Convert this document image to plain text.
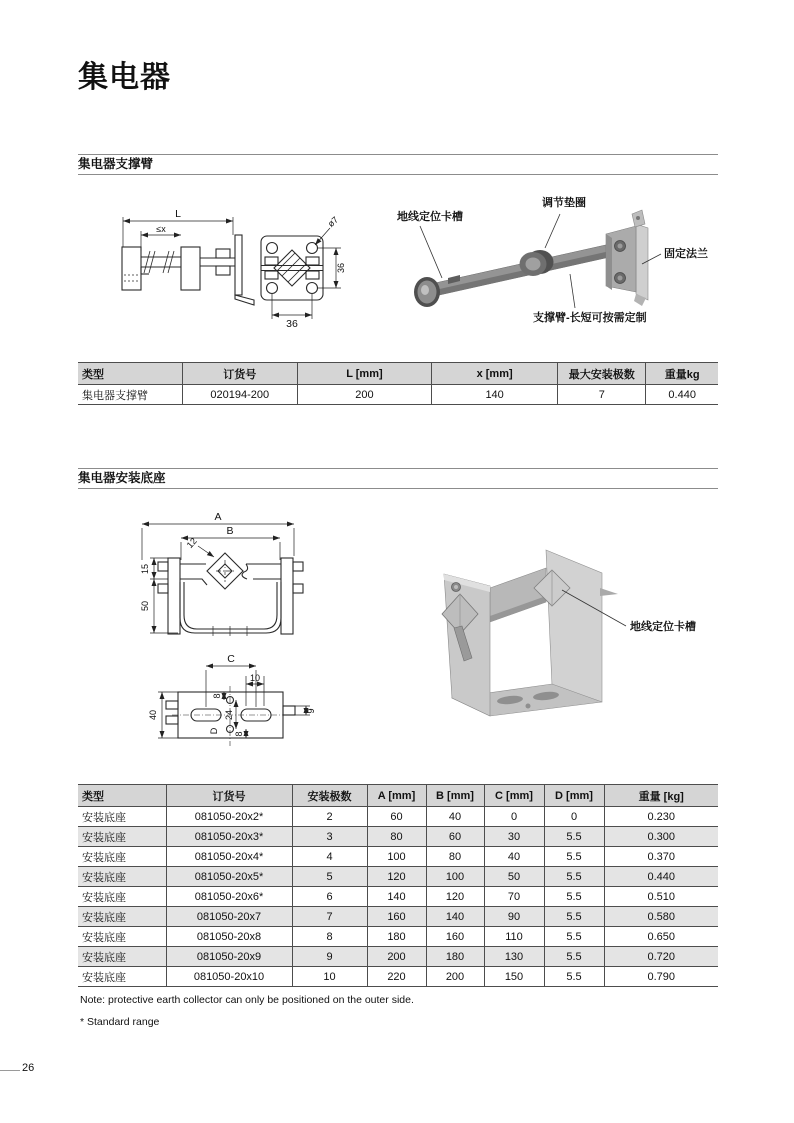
集电器
集电器支撑臂
L
≤x
36
36
ø7	地线定位卡槽
调节垫圈
固定法兰
支撑臂-长短可按需定制
类型	订货号	L [mm]	x [mm]	最大安装极数	重量kg
集电器支撑臂	020194-200	200	140	7	0.440
集电器安装底座
A
B
12
15
50
C
10
8
24
8
D
40	9
地线定位卡槽
类型	订货号	安装极数	A [mm]	B [mm]	C [mm]	D [mm]	重量 [kg]
安装底座	081050-20x2*	2	60	40	0	0	0.230
安装底座	081050-20x3*	3	80	60	30	5.5	0.300
安装底座	081050-20x4*	4	100	80	40	5.5	0.370
安装底座	081050-20x5*	5	120	100	50	5.5	0.440
安装底座	081050-20x6*	6	140	120	70	5.5	0.510
安装底座	081050-20x7	7	160	140	90	5.5	0.580
安装底座	081050-20x8	8	180	160	110	5.5	0.650
安装底座	081050-20x9	9	200	180	130	5.5	0.720
安装底座	081050-20x10	10	220	200	150	5.5	0.790
Note: protective earth collector can only be positioned on the outer side.
* Standard range
26
